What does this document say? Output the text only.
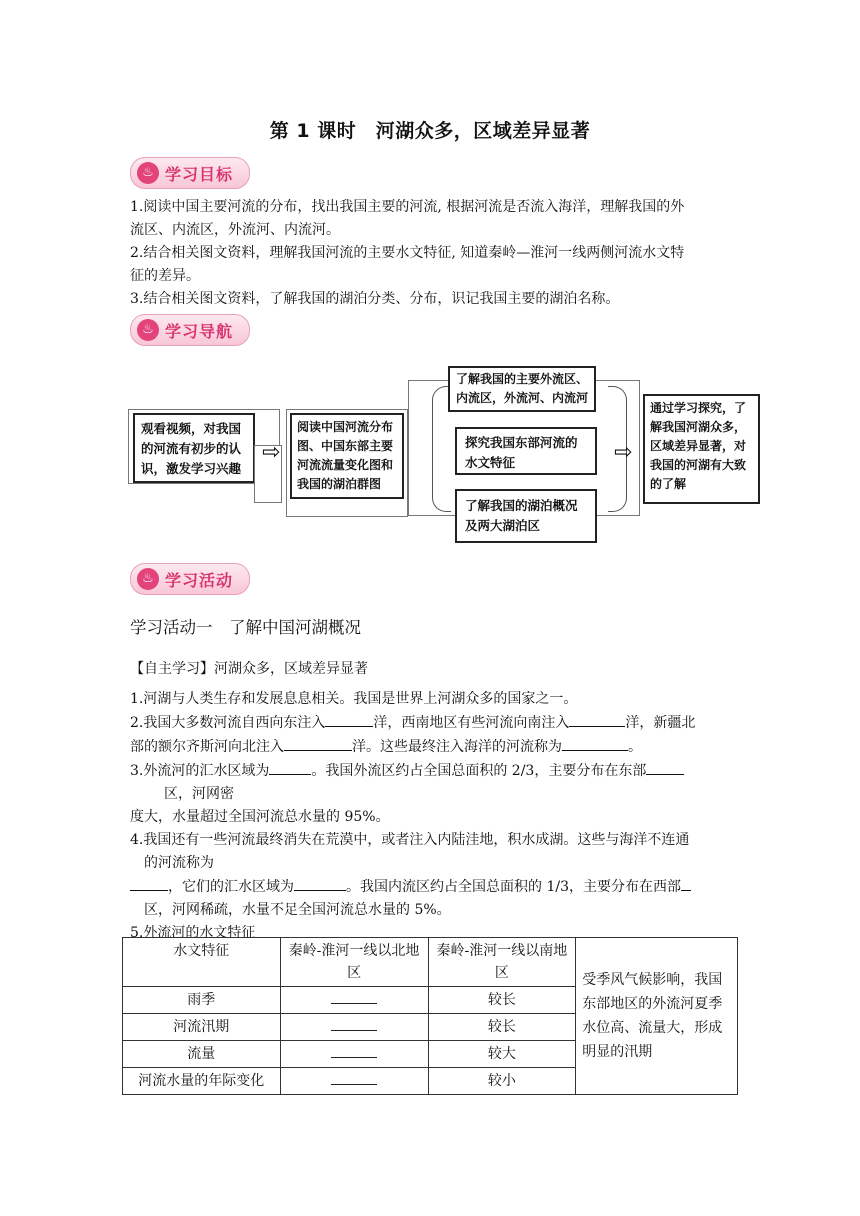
第 1 课时　河湖众多，区域差异显著
♨ 学习目标
1.阅读中国主要河流的分布，找出我国主要的河流, 根据河流是否流入海洋，理解我国的外
流区、内流区，外流河、内流河。
2.结合相关图文资料，理解我国河流的主要水文特征, 知道秦岭—淮河一线两侧河流水文特
征的差异。
3.结合相关图文资料，了解我国的湖泊分类、分布，识记我国主要的湖泊名称。
♨ 学习导航
观看视频，对我国的河流有初步的认识，激发学习兴趣
⇨
阅读中国河流分布图、中国东部主要河流流量变化图和我国的湖泊群图
了解我国的主要外流区、内流区，外流河、内流河
探究我国东部河流的水文特征
了解我国的湖泊概况及两大湖泊区
⇨
通过学习探究，了解我国河湖众多，区域差异显著，对我国的河湖有大致的了解
♨ 学习活动
学习活动一　了解中国河湖概况
【自主学习】河湖众多，区域差异显著
1.河湖与人类生存和发展息息相关。我国是世界上河湖众多的国家之一。
2.我国大多数河流自西向东注入	洋，西南地区有些河流向南注入	洋，新疆北
部的额尔齐斯河向北注入	洋。这些最终注入海洋的河流称为	。
3.外流河的汇水区域为	。我国外流区约占全国总面积的 2/3，主要分布在东部
区，河网密
度大，水量超过全国河流总水量的 95%。
4.我国还有一些河流最终消失在荒漠中，或者注入内陆洼地，积水成湖。这些与海洋不连通
的河流称为
，它们的汇水区域为	。我国内流区约占全国总面积的 1/3，主要分布在西部
区，河网稀疏，水量不足全国河流总水量的 5%。
5.外流河的水文特征
水文特征	秦岭-淮河一线以北地区	秦岭-淮河一线以南地区	受季风气候影响，我国东部地区的外流河夏季水位高、流量大，形成明显的汛期
雨季		较长	
河流汛期		较长	
流量		较大	
河流水量的年际变化		较小	
